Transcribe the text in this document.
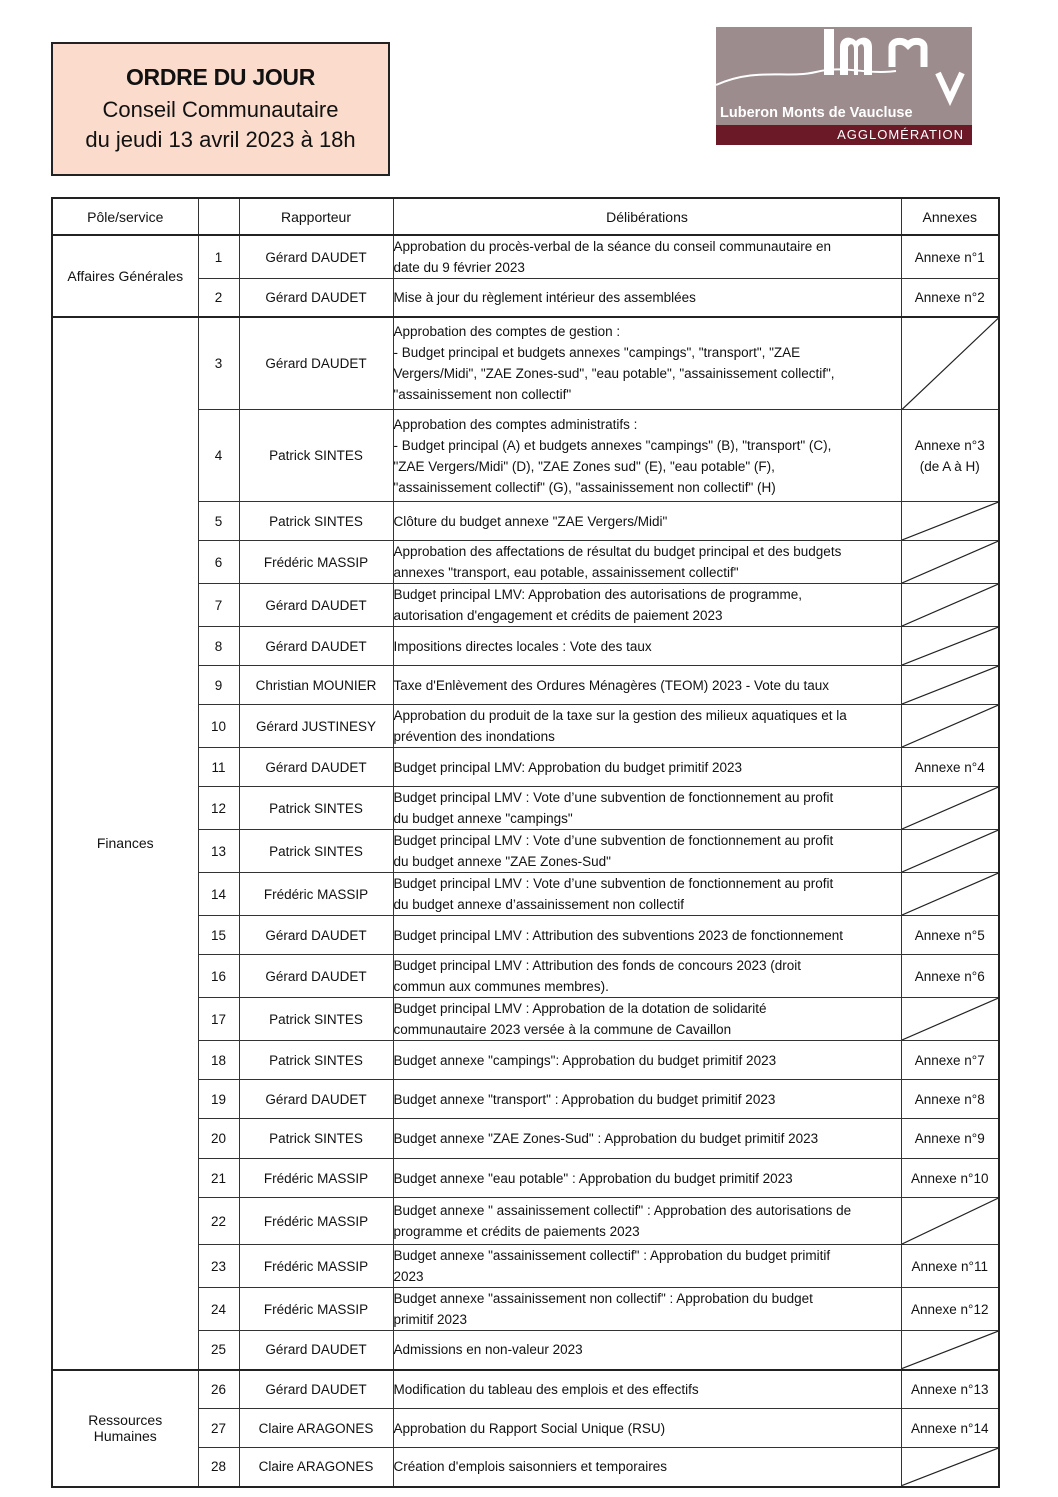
ORDRE DU JOUR
Conseil Communautaire
du jeudi 13 avril 2023 à 18h
Luberon Monts de Vaucluse
AGGLOMÉRATION
Pôle/service		Rapporteur	Délibérations	Annexes
Affaires Générales	1	Gérard DAUDET	Approbation du procès-verbal de la séance du conseil communautaire en
date du 9 février 2023	Annexe n°1
	2	Gérard DAUDET	Mise à jour du règlement intérieur des assemblées	Annexe n°2
Finances	3	Gérard DAUDET	Approbation des comptes de gestion :
- Budget principal et budgets annexes "campings", "transport", "ZAE
Vergers/Midi", "ZAE Zones-sud", "eau potable", "assainissement collectif",
"assainissement non collectif"	

	4	Patrick SINTES	Approbation des comptes administratifs :
- Budget principal (A) et budgets annexes "campings" (B), "transport" (C),
"ZAE Vergers/Midi" (D), "ZAE Zones sud" (E), "eau potable" (F),
"assainissement collectif" (G), "assainissement non collectif" (H)	Annexe n°3
(de A à H)
	5	Patrick SINTES	Clôture du budget annexe "ZAE Vergers/Midi"	

	6	Frédéric MASSIP	Approbation des affectations de résultat du budget principal et des budgets
annexes "transport, eau potable, assainissement collectif"	

	7	Gérard DAUDET	Budget principal LMV: Approbation des autorisations de programme,
autorisation d'engagement et crédits de paiement 2023	

	8	Gérard DAUDET	Impositions directes locales : Vote des taux	

	9	Christian MOUNIER	Taxe d'Enlèvement des Ordures Ménagères (TEOM) 2023 - Vote du taux	

	10	Gérard JUSTINESY	Approbation du produit de la taxe sur la gestion des milieux aquatiques et la
prévention des inondations	

	11	Gérard DAUDET	Budget principal LMV: Approbation du budget primitif 2023	Annexe n°4
	12	Patrick SINTES	Budget principal LMV : Vote d’une subvention de fonctionnement au profit
du budget annexe "campings"	

	13	Patrick SINTES	Budget principal LMV : Vote d’une subvention de fonctionnement au profit
du budget annexe "ZAE Zones-Sud"	

	14	Frédéric MASSIP	Budget principal LMV : Vote d’une subvention de fonctionnement au profit
du budget annexe d’assainissement non collectif	

	15	Gérard DAUDET	Budget principal LMV : Attribution des subventions 2023 de fonctionnement	Annexe n°5
	16	Gérard DAUDET	Budget principal LMV : Attribution des fonds de concours 2023 (droit
commun aux communes membres).	Annexe n°6
	17	Patrick SINTES	Budget principal LMV : Approbation de la dotation de solidarité
communautaire 2023 versée à la commune de Cavaillon	

	18	Patrick SINTES	Budget annexe "campings": Approbation du budget primitif 2023	Annexe n°7
	19	Gérard DAUDET	Budget annexe "transport" : Approbation du budget primitif 2023	Annexe n°8
	20	Patrick SINTES	Budget annexe "ZAE Zones-Sud" : Approbation du budget primitif 2023	Annexe n°9
	21	Frédéric MASSIP	Budget annexe "eau potable" : Approbation du budget primitif 2023	Annexe n°10
	22	Frédéric MASSIP	Budget annexe " assainissement collectif" : Approbation des autorisations de
programme et crédits de paiements 2023	

	23	Frédéric MASSIP	Budget annexe "assainissement collectif" : Approbation du budget primitif
2023	Annexe n°11
	24	Frédéric MASSIP	Budget annexe "assainissement non collectif" : Approbation du budget
primitif 2023	Annexe n°12
	25	Gérard DAUDET	Admissions en non-valeur 2023	

Ressources
Humaines	26	Gérard DAUDET	Modification du tableau des emplois et des effectifs	Annexe n°13
	27	Claire ARAGONES	Approbation du Rapport Social Unique (RSU)	Annexe n°14
	28	Claire ARAGONES	Création d'emplois saisonniers et temporaires	
